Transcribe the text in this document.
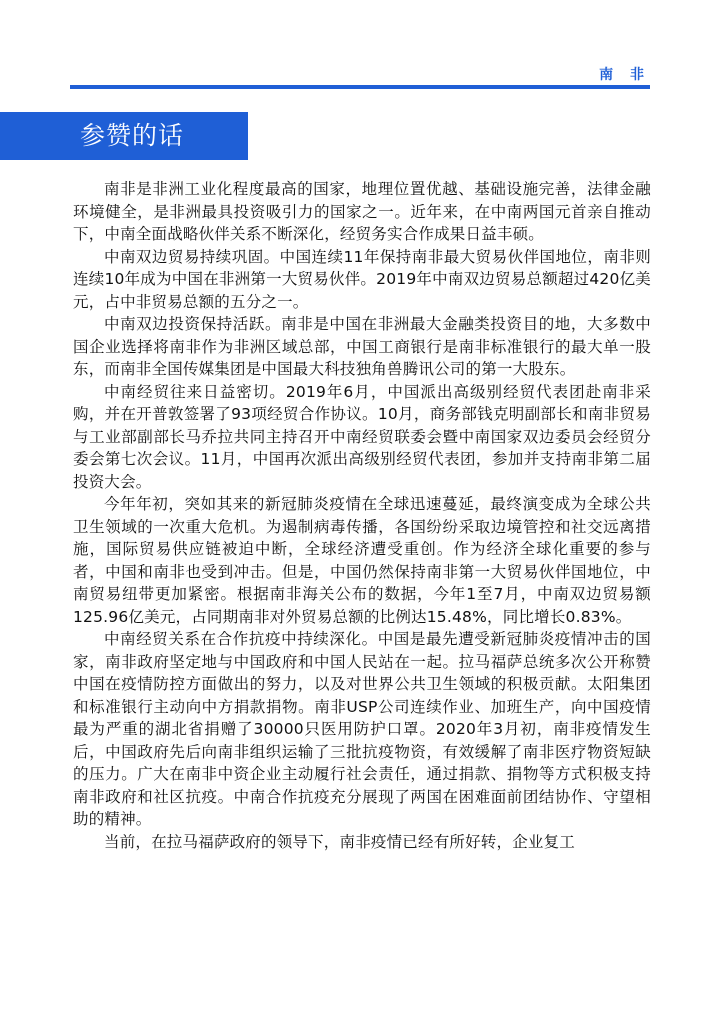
南 非
参赞的话

南非是非洲工业化程度最高的国家，地理位置优越、基础设施完善，法律金融环境健全，是非洲最具投资吸引力的国家之一。近年来，在中南两国元首亲自推动下，中南全面战略伙伴关系不断深化，经贸务实合作成果日益丰硕。

中南双边贸易持续巩固。中国连续11年保持南非最大贸易伙伴国地位，南非则连续10年成为中国在非洲第一大贸易伙伴。2019年中南双边贸易总额超过420亿美元，占中非贸易总额的五分之一。

中南双边投资保持活跃。南非是中国在非洲最大金融类投资目的地，大多数中国企业选择将南非作为非洲区域总部，中国工商银行是南非标准银行的最大单一股东，而南非全国传媒集团是中国最大科技独角兽腾讯公司的第一大股东。

中南经贸往来日益密切。2019年6月，中国派出高级别经贸代表团赴南非采购，并在开普敦签署了93项经贸合作协议。10月，商务部钱克明副部长和南非贸易与工业部副部长马乔拉共同主持召开中南经贸联委会暨中南国家双边委员会经贸分委会第七次会议。11月，中国再次派出高级别经贸代表团，参加并支持南非第二届投资大会。

今年年初，突如其来的新冠肺炎疫情在全球迅速蔓延，最终演变成为全球公共卫生领域的一次重大危机。为遏制病毒传播，各国纷纷采取边境管控和社交远离措施，国际贸易供应链被迫中断，全球经济遭受重创。作为经济全球化重要的参与者，中国和南非也受到冲击。但是，中国仍然保持南非第一大贸易伙伴国地位，中南贸易纽带更加紧密。根据南非海关公布的数据，今年1至7月，中南双边贸易额125.96亿美元，占同期南非对外贸易总额的比例达15.48%，同比增长0.83%。

中南经贸关系在合作抗疫中持续深化。中国是最先遭受新冠肺炎疫情冲击的国家，南非政府坚定地与中国政府和中国人民站在一起。拉马福萨总统多次公开称赞中国在疫情防控方面做出的努力，以及对世界公共卫生领域的积极贡献。太阳集团和标准银行主动向中方捐款捐物。南非USP公司连续作业、加班生产，向中国疫情最为严重的湖北省捐赠了30000只医用防护口罩。2020年3月初，南非疫情发生后，中国政府先后向南非组织运输了三批抗疫物资，有效缓解了南非医疗物资短缺的压力。广大在南非中资企业主动履行社会责任，通过捐款、捐物等方式积极支持南非政府和社区抗疫。中南合作抗疫充分展现了两国在困难面前团结协作、守望相助的精神。

当前，在拉马福萨政府的领导下，南非疫情已经有所好转，企业复工
